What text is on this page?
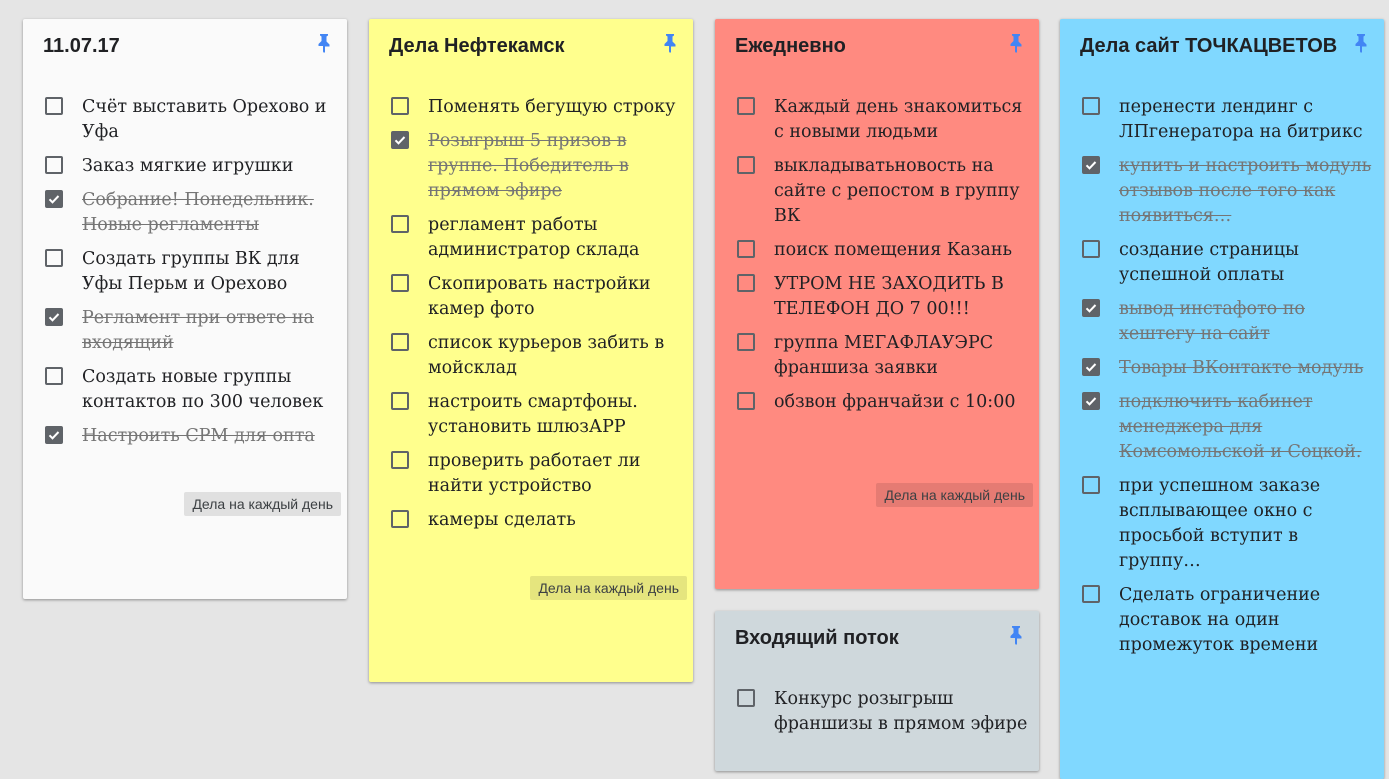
11.07.17
Счёт выставить Орехово и Уфа
Заказ мягкие игрушки
Собрание! Понедельник. Новые регламенты
Создать группы ВК для Уфы Перьм и Орехово
Регламент при ответе на входящий
Создать новые группы контактов по 300 человек
Настроить CРМ для опта
Дела на каждый день
Дела Нефтекамск
Поменять бегущую строку
Розыгрыш 5 призов в группе. Победитель в прямом эфире
регламент работы администратор склада
Скопировать настройки камер фото
список курьеров забить в мойсклад
настроить смартфоны. установить шлюзАРР
проверить работает ли найти устройство
камеры сделать
Дела на каждый день
Ежедневно
Каждый день знакомиться с новыми людьми
выкладыватьновость на сайте с репостом в группу ВК
поиск помещения Казань
УТРОМ НЕ ЗАХОДИТЬ В ТЕЛЕФОН ДО 7 00!!!
группа МЕГАФЛАУЭРС франшиза заявки
обзвон франчайзи с 10:00
Дела на каждый день
Входящий поток
Конкурс розыгрыш франшизы в прямом эфире
Дела сайт ТОЧКАЦВЕТОВ
перенести лендинг с ЛПгенератора на битрикс
купить и настроить модуль отзывов после того как появиться…
создание страницы успешной оплаты
вывод инстафото по хештегу на сайт
Товары ВКонтакте модуль
подключить кабинет менеджера для Комсомольской и Соцкой.
при успешном заказе всплывающее окно с просьбой вступит в группу…
Сделать ограничение доставок на один промежуток времени
